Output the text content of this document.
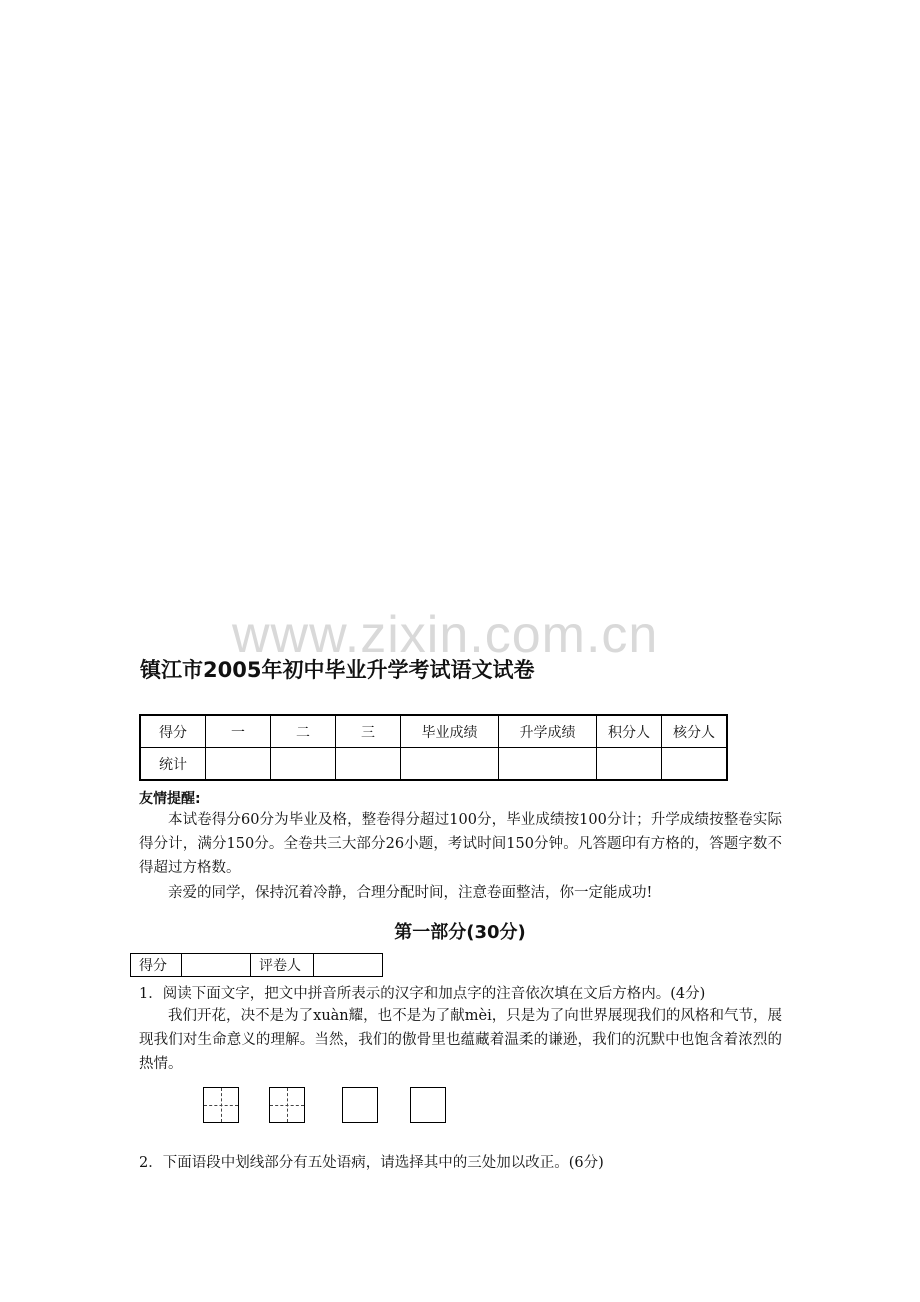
www.zixin.com.cn
镇江市2005年初中毕业升学考试语文试卷
得分	一	二	三	毕业成绩	升学成绩	积分人	核分人
统计							
友情提醒:

本试卷得分60分为毕业及格，整卷得分超过100分，毕业成绩按100分计；升学成绩按整卷实际得分计，满分150分。全卷共三大部分26小题，考试时间150分钟。凡答题印有方格的，答题字数不得超过方格数。

亲爱的同学，保持沉着冷静，合理分配时间，注意卷面整洁，你一定能成功!

第一部分(30分)
得分		评卷人	
1．阅读下面文字，把文中拼音所表示的汉字和加点字的注音依次填在文后方格内。(4分)

我们开花，决不是为了xuàn耀，也不是为了献mèi，只是为了向世界展现我们的风格和气节，展现我们对生命意义的理解。当然，我们的傲骨里也蕴藏着温柔的谦逊，我们的沉默中也饱含着浓烈的热情。

2．下面语段中划线部分有五处语病，请选择其中的三处加以改正。(6分)
